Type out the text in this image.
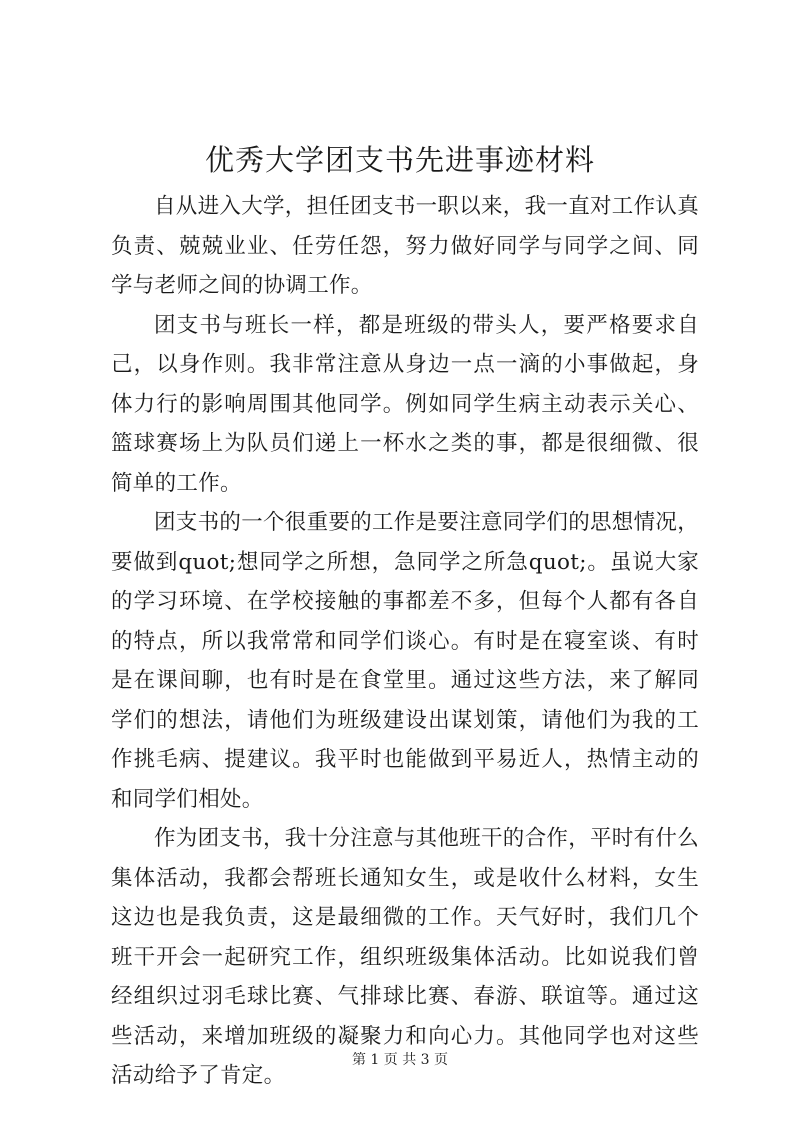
优秀大学团支书先进事迹材料

自从进入大学，担任团支书一职以来，我一直对工作认真负责、兢兢业业、任劳任怨，努力做好同学与同学之间、同学与老师之间的协调工作。

团支书与班长一样，都是班级的带头人，要严格要求自己，以身作则。我非常注意从身边一点一滴的小事做起，身体力行的影响周围其他同学。例如同学生病主动表示关心、篮球赛场上为队员们递上一杯水之类的事，都是很细微、很简单的工作。

团支书的一个很重要的工作是要注意同学们的思想情况，要做到quot;想同学之所想，急同学之所急quot;。虽说大家的学习环境、在学校接触的事都差不多，但每个人都有各自的特点，所以我常常和同学们谈心。有时是在寝室谈、有时是在课间聊，也有时是在食堂里。通过这些方法，来了解同学们的想法，请他们为班级建设出谋划策，请他们为我的工作挑毛病、提建议。我平时也能做到平易近人，热情主动的和同学们相处。

作为团支书，我十分注意与其他班干的合作，平时有什么集体活动，我都会帮班长通知女生，或是收什么材料，女生这边也是我负责，这是最细微的工作。天气好时，我们几个班干开会一起研究工作，组织班级集体活动。比如说我们曾经组织过羽毛球比赛、气排球比赛、春游、联谊等。通过这些活动，来增加班级的凝聚力和向心力。其他同学也对这些活动给予了肯定。

第 1 页 共 3 页
